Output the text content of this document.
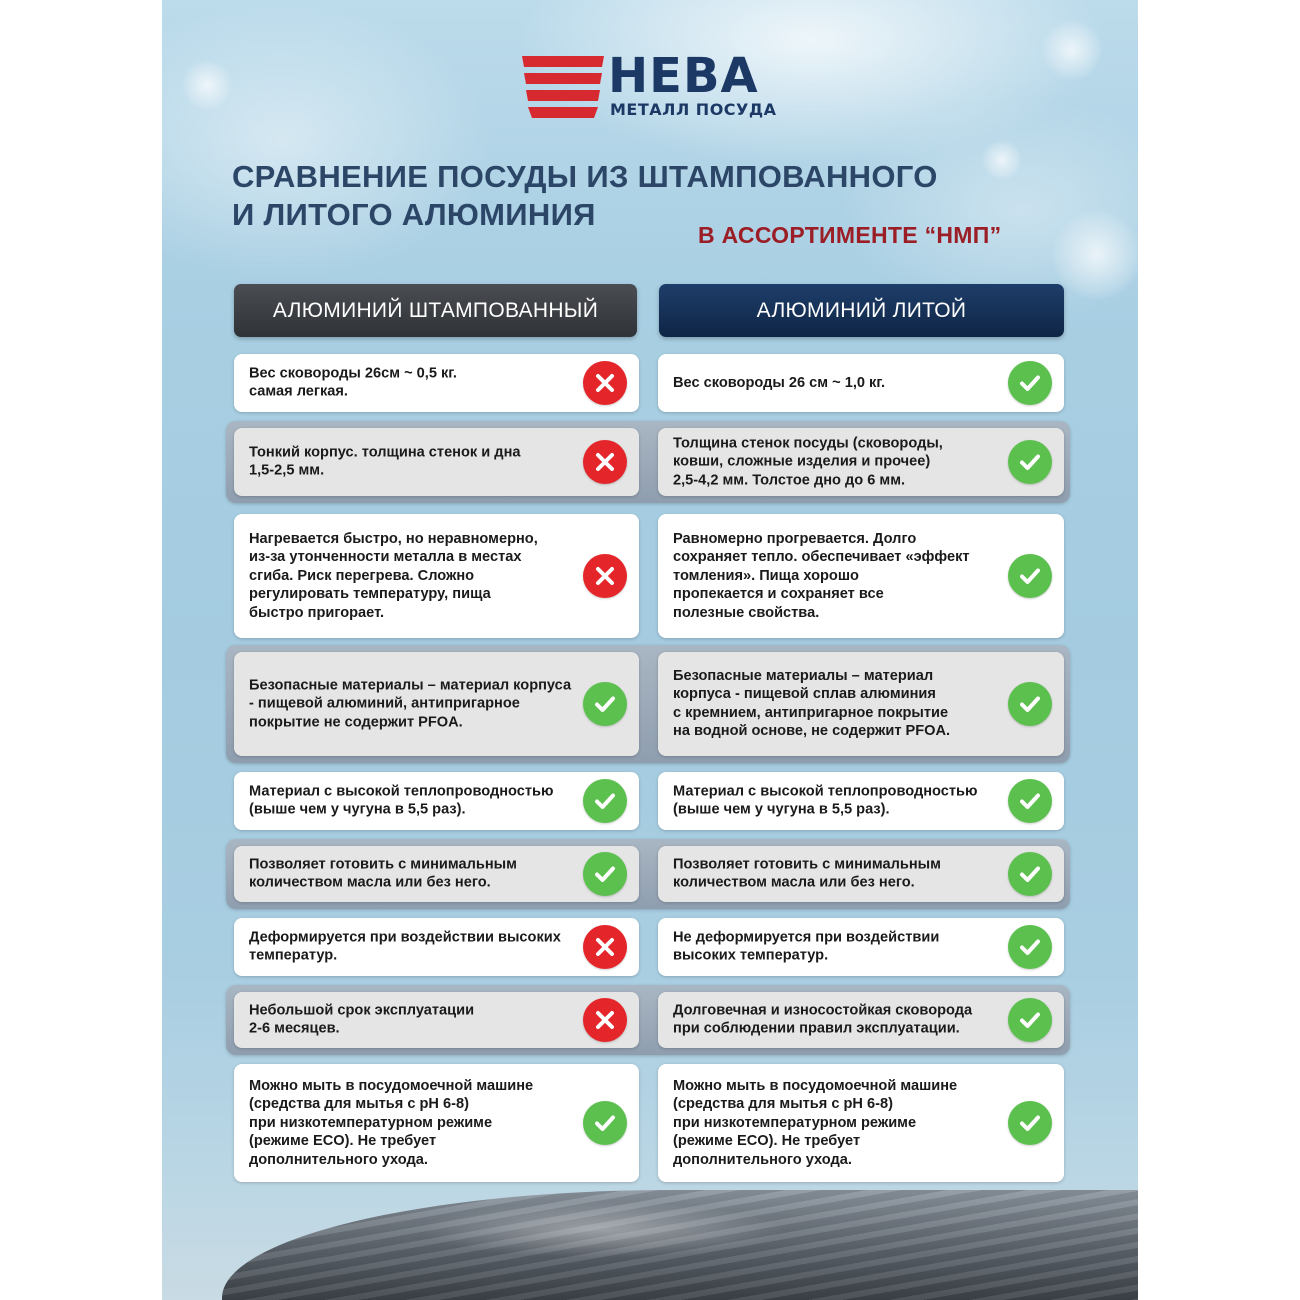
НЕВА
МЕТАЛЛ ПОСУДА
СРАВНЕНИЕ ПОСУДЫ ИЗ ШТАМПОВАННОГО
И ЛИТОГО АЛЮМИНИЯ
В АССОРТИМЕНТЕ “НМП”
АЛЮМИНИЙ ШТАМПОВАННЫЙ	АЛЮМИНИЙ ЛИТОЙ
Вес сковороды 26см ~ 0,5 кг.
самая легкая.
Вес сковороды 26 см ~ 1,0 кг.
Тонкий корпус. толщина стенок и дна
1,5-2,5 мм.
Толщина стенок посуды (сковороды,
ковши, сложные изделия и прочее)
2,5-4,2 мм. Толстое дно до 6 мм.
Нагревается быстро, но неравномерно,
из-за утонченности металла в местах
сгиба. Риск перегрева. Сложно
регулировать температуру, пища
быстро пригорает.
Равномерно прогревается. Долго
сохраняет тепло. обеспечивает «эффект
томления». Пища хорошо
пропекается и сохраняет все
полезные свойства.
Безопасные материалы – материал корпуса
- пищевой алюминий, антипригарное
покрытие не содержит PFOA.
Безопасные материалы – материал
корпуса - пищевой сплав алюминия
с кремнием, антипригарное покрытие
на водной основе, не содержит PFOA.
Материал с высокой теплопроводностью
(выше чем у чугуна в 5,5 раз).
Материал с высокой теплопроводностью
(выше чем у чугуна в 5,5 раз).
Позволяет готовить с минимальным
количеством масла или без него.
Позволяет готовить с минимальным
количеством масла или без него.
Деформируется при воздействии высоких
температур.
Не деформируется при воздействии
высоких температур.
Небольшой срок эксплуатации
2-6 месяцев.
Долговечная и износостойкая сковорода
при соблюдении правил эксплуатации.
Можно мыть в посудомоечной машине
(средства для мытья с pH 6-8)
при низкотемпературном режиме
(режиме ECO). Не требует
дополнительного ухода.
Можно мыть в посудомоечной машине
(средства для мытья с pH 6-8)
при низкотемпературном режиме
(режиме ECO). Не требует
дополнительного ухода.
